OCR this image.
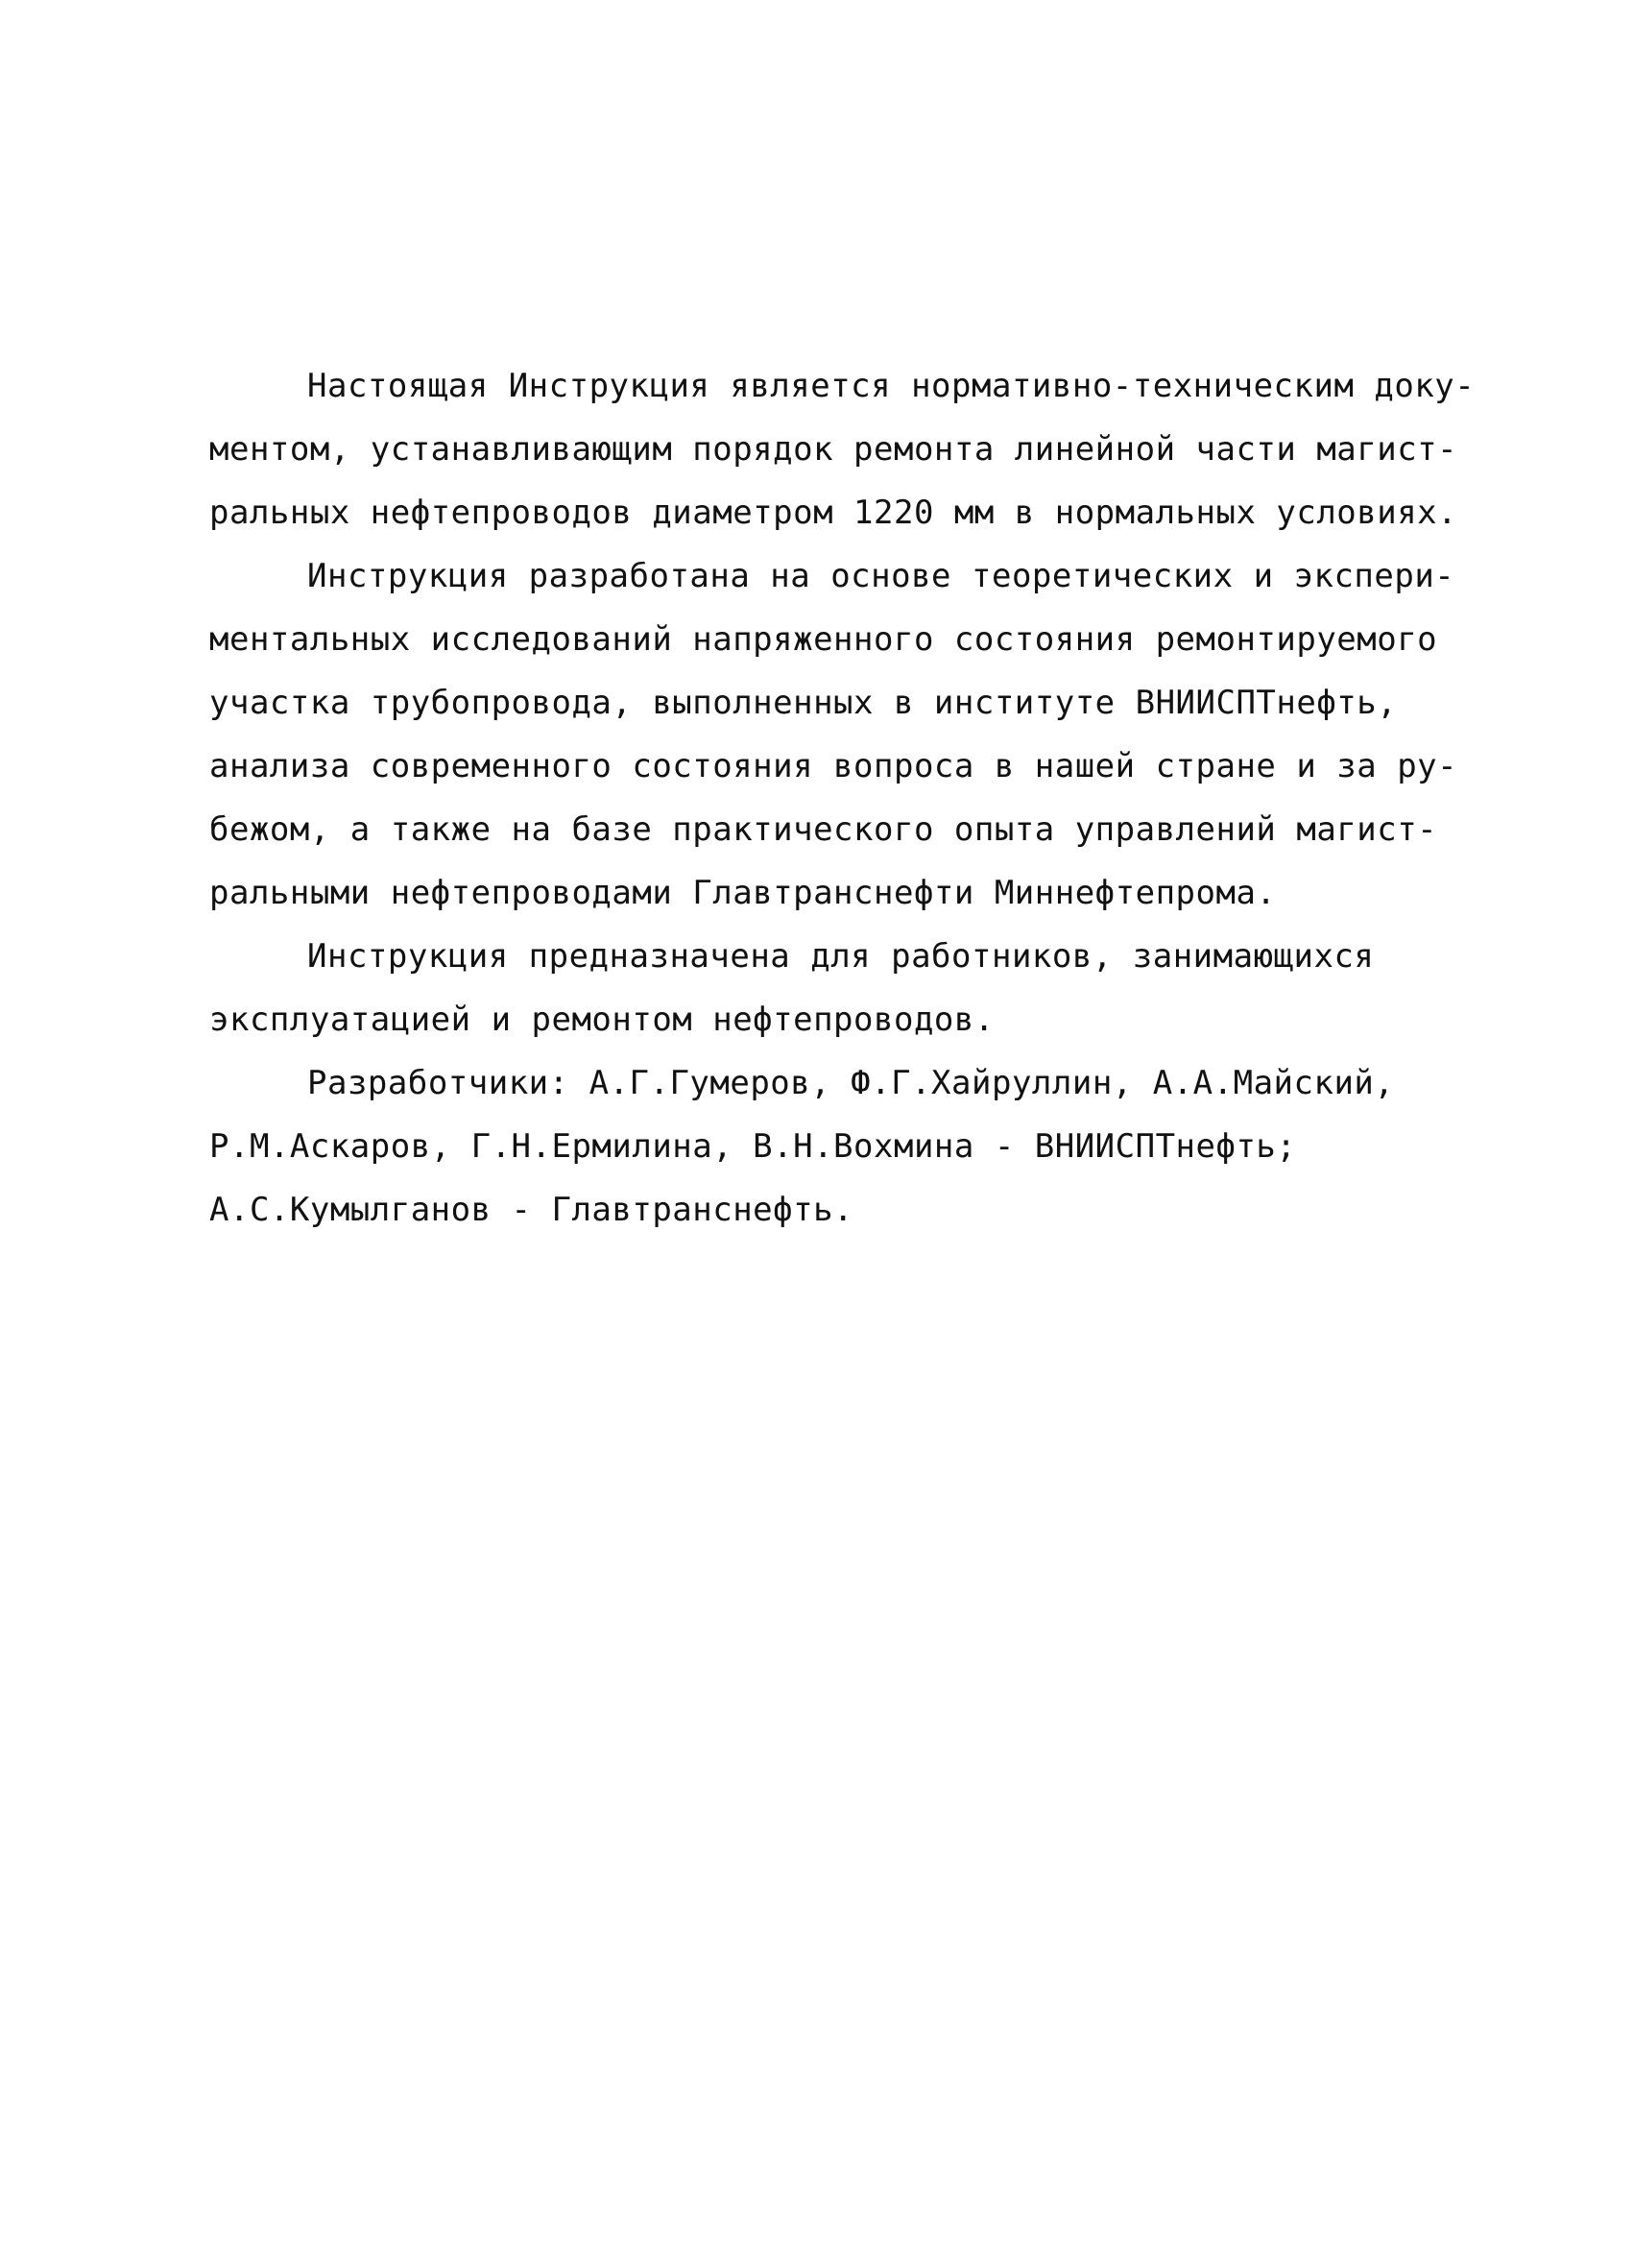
Настоящая Инструкция является нормативно-техническим доку-
ментом, устанавливающим порядок ремонта линейной части магист-
ральных нефтепроводов диаметром 1220 мм в нормальных условиях.
Инструкция разработана на основе теоретических и экспери-
ментальных исследований напряженного состояния ремонтируемого
участка трубопровода, выполненных в институте ВНИИСПТнефть,
анализа современного состояния вопроса в нашей стране и за ру-
бежом, а также на базе практического опыта управлений магист-
ральными нефтепроводами Главтранснефти Миннефтепрома.
Инструкция предназначена для работников, занимающихся
эксплуатацией и ремонтом нефтепроводов.
Разработчики: А.Г.Гумеров, Ф.Г.Хайруллин, А.А.Майский,
Р.М.Аскаров, Г.Н.Ермилина, В.Н.Вохмина - ВНИИСПТнефть;
А.С.Кумылганов - Главтранснефть.
